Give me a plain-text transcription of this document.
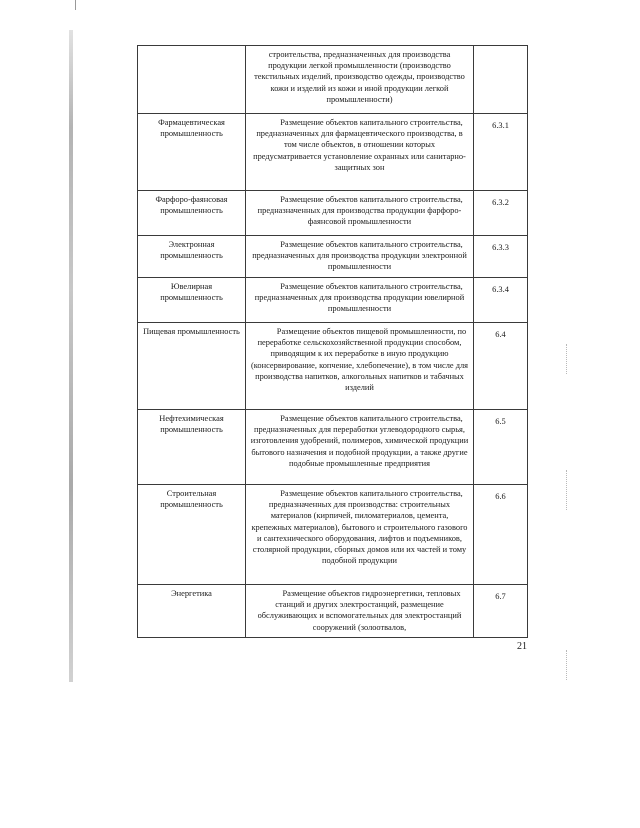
строительства, предназначенных для производства продукции легкой промышленности (производство текстильных изделий, производство одежды, производство кожи и изделий из кожи и иной продукции легкой промышленности)
Фармацевтическая промышленность
Размещение объектов капитального строительства, предназначенных для фармацевтического производства, в том числе объектов, в отношении которых предусматривается установление охранных или санитарно-защитных зон
6.3.1
Фарфоро-фаянсовая промышленность
Размещение объектов капитального строительства, предназначенных для производства продукции фарфоро-фаянсовой промышленности
6.3.2
Электронная промышленность
Размещение объектов капитального строительства, предназначенных для производства продукции электронной промышленности
6.3.3
Ювелирная промышленность
Размещение объектов капитального строительства, предназначенных для производства продукции ювелирной промышленности
6.3.4
Пищевая промышленность	Размещение объектов пищевой промышленности, по переработке сельскохозяйственной продукции способом, приводящим к их переработке в иную продукцию (консервирование, копчение, хлебопечение), в том числе для производства напитков, алкогольных напитков и табачных изделий
6.4
Нефтехимическая промышленность
Размещение объектов капитального строительства, предназначенных для переработки углеводородного сырья, изготовления удобрений, полимеров, химической продукции бытового назначения и подобной продукции, а также другие подобные промышленные предприятия
6.5
Строительная промышленность
Размещение объектов капитального строительства, предназначенных для производства: строительных материалов (кирпичей, пиломатериалов, цемента, крепежных материалов), бытового и строительного газового и сантехнического оборудования, лифтов и подъемников, столярной продукции, сборных домов или их частей и тому подобной продукции
6.6
Энергетика	Размещение объектов гидроэнергетики, тепловых станций и других электростанций, размещение обслуживающих и вспомогательных для электростанций сооружений (золоотвалов,
6.7
21
